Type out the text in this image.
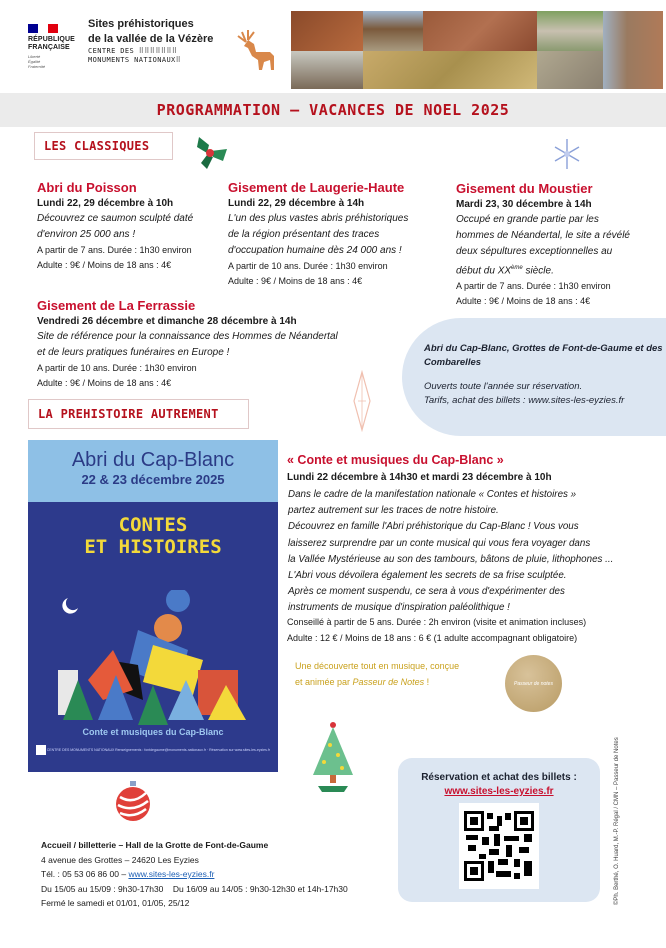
RÉPUBLIQUE
FRANÇAISE
Liberté
Égalité
Fraternité
Sites préhistoriques
de la vallée de la Vézère
CENTRE DES ⠿⠿⠿⠿⠿⠿⠿
MONUMENTS NATIONAUX⠿
PROGRAMMATION – VACANCES DE NOEL 2025
LES CLASSIQUES
Abri du Poisson
Lundi 22, 29 décembre à 10h
Découvrez ce saumon sculpté daté
d'environ 25 000 ans !
A partir de 7 ans. Durée : 1h30 environ
Adulte : 9€ / Moins de 18 ans : 4€
Gisement de Laugerie-Haute
Lundi 22, 29 décembre à 14h
L'un des plus vastes abris préhistoriques
de la région présentant des traces
d'occupation humaine dès 24 000 ans !
A partir de 10 ans. Durée : 1h30 environ
Adulte : 9€ / Moins de 18 ans : 4€
Gisement du Moustier
Mardi 23, 30 décembre à 14h
Occupé en grande partie par les
hommes de Néandertal, le site a révélé
deux sépultures exceptionnelles au
début du XXème siècle.
A partir de 7 ans. Durée : 1h30 environ
Adulte : 9€ / Moins de 18 ans : 4€
Gisement de La Ferrassie
Vendredi 26 décembre et dimanche 28 décembre à 14h
Site de référence pour la connaissance des Hommes de Néandertal
et de leurs pratiques funéraires en Europe !
A partir de 10 ans. Durée : 1h30 environ
Adulte : 9€ / Moins de 18 ans : 4€
Abri du Cap-Blanc, Grottes de Font-de-Gaume et des Combarelles
Ouverts toute l'année sur réservation.
Tarifs, achat des billets : www.sites-les-eyzies.fr
LA PREHISTOIRE AUTREMENT
Abri du Cap-Blanc
22 & 23 décembre 2025
CONTES
ET HISTOIRES
Conte et musiques du Cap-Blanc
CENTRE DES MONUMENTS NATIONAUX Renseignements : fontdegaume@monuments-nationaux.fr · Réservation sur www.sites-les-eyzies.fr
« Conte et musiques du Cap-Blanc »
Lundi 22 décembre à 14h30 et mardi 23 décembre à 10h
Dans le cadre de la manifestation nationale « Contes et histoires »
partez autrement sur les traces de notre histoire.
Découvrez en famille l'Abri préhistorique du Cap-Blanc ! Vous vous
laisserez surprendre par un conte musical qui vous fera voyager dans
la Vallée Mystérieuse au son des tambours, bâtons de pluie, lithophones ...
L'Abri vous dévoilera également les secrets de sa frise sculptée.
Après ce moment suspendu, ce sera à vous d'expérimenter des
instruments de musique d'inspiration paléolithique !
Conseillé à partir de 5 ans. Durée : 2h environ (visite et animation incluses)
Adulte : 12 € / Moins de 18 ans : 6 € (1 adulte accompagnant obligatoire)
Une découverte tout en musique, conçue
et animée par Passeur de Notes !	Passeur de notes
Réservation et achat des billets :
www.sites-les-eyzies.fr	©Ph. Berthé, O. Huard, M.-P. Régal / CMN – Passeur de Notes
Accueil / billetterie – Hall de la Grotte de Font-de-Gaume
4 avenue des Grottes – 24620 Les Eyzies
Tél. : 05 53 06 86 00 – www.sites-les-eyzies.fr
Du 15/05 au 15/09 : 9h30-17h30 Du 16/09 au 14/05 : 9h30-12h30 et 14h-17h30
Fermé le samedi et 01/01, 01/05, 25/12
